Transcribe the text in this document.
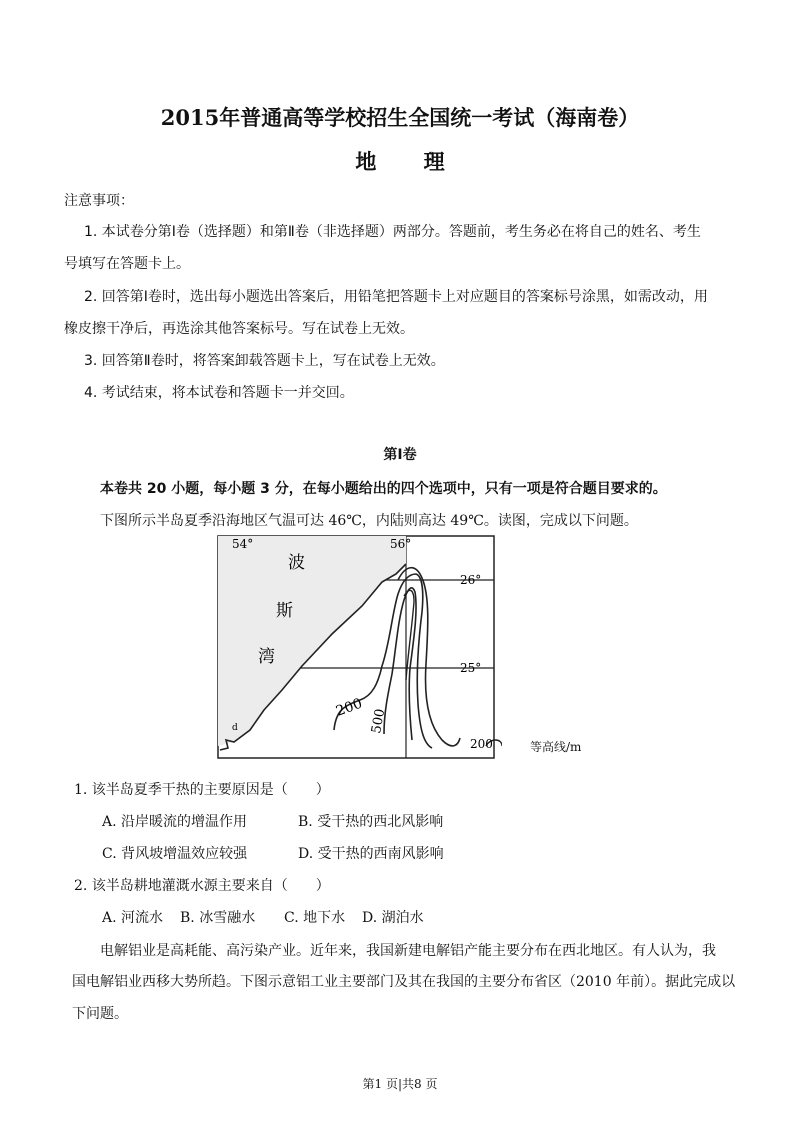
2015年普通高等学校招生全国统一考试（海南卷）
地 理
注意事项：
1. 本试卷分第Ⅰ卷（选择题）和第Ⅱ卷（非选择题）两部分。答题前，考生务必在将自己的姓名、考生
号填写在答题卡上。
2. 回答第Ⅰ卷时，选出每小题选出答案后，用铅笔把答题卡上对应题目的答案标号涂黑，如需改动，用
橡皮擦干净后，再选涂其他答案标号。写在试卷上无效。
3. 回答第Ⅱ卷时，将答案卸载答题卡上，写在试卷上无效。
4. 考试结束，将本试卷和答题卡一并交回。
第Ⅰ卷
本卷共 20 小题，每小题 3 分，在每小题给出的四个选项中，只有一项是符合题目要求的。
下图所示半岛夏季沿海地区气温可达 46℃，内陆则高达 49℃。读图，完成以下问题。
54°	56°
26°
25°
波
斯
湾
200 500
d
200	等高线/m
1. 该半岛夏季干热的主要原因是（　　）
A. 沿岸暖流的增温作用	B. 受干热的西北风影响
C. 背风坡增温效应较强	D. 受干热的西南风影响
2. 该半岛耕地灌溉水源主要来自（　　）
A. 河流水 B. 冰雪融水 C. 地下水 D. 湖泊水
电解铝业是高耗能、高污染产业。近年来，我国新建电解铝产能主要分布在西北地区。有人认为，我
国电解铝业西移大势所趋。下图示意铝工业主要部门及其在我国的主要分布省区（2010 年前）。据此完成以
下问题。
第1 页|共8 页
